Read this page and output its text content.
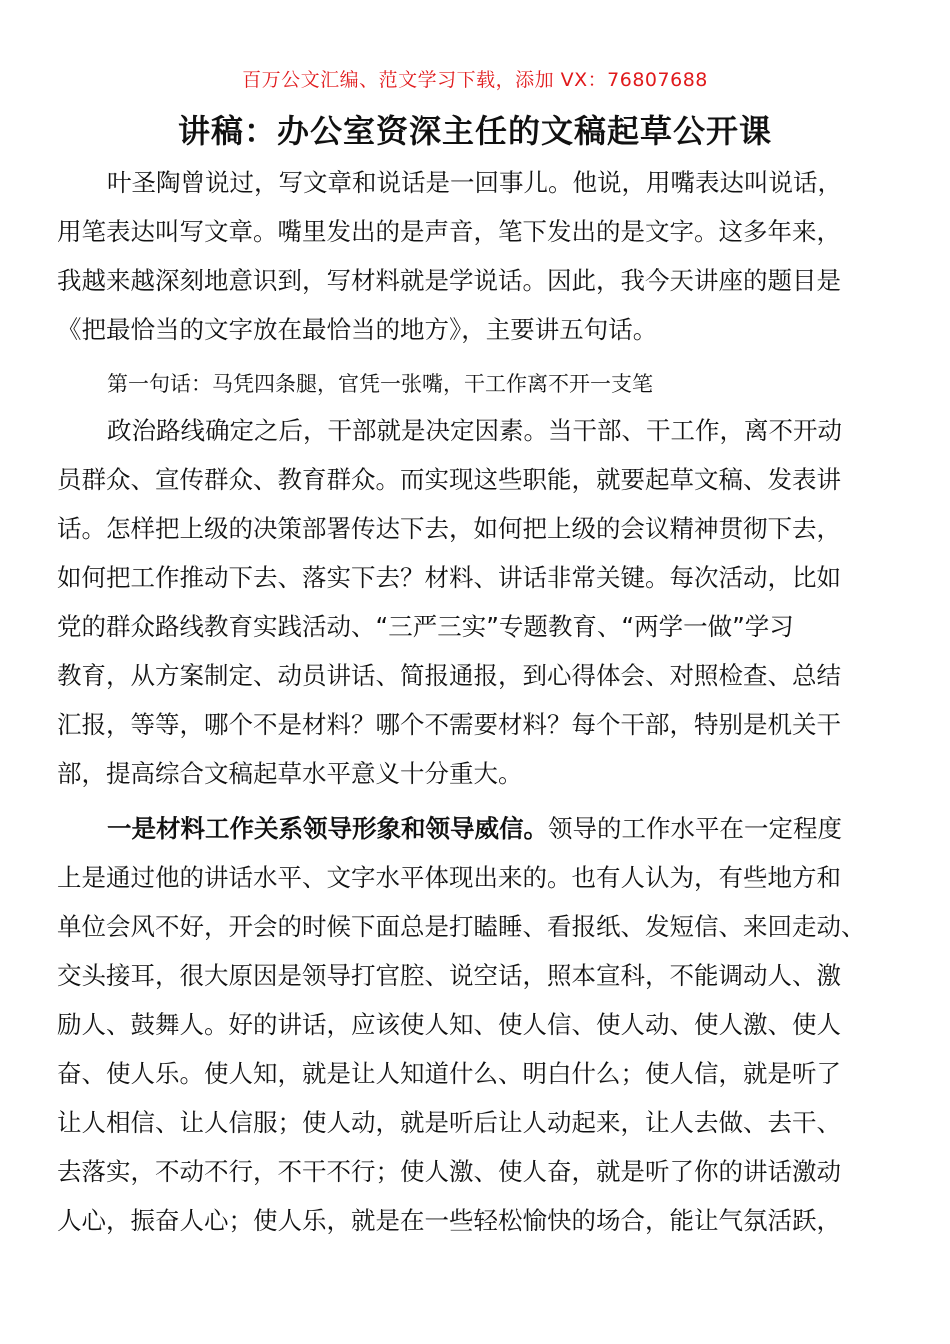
百万公文汇编、范文学习下载，添加 VX：76807688
讲稿：办公室资深主任的文稿起草公开课
叶圣陶曾说过，写文章和说话是一回事儿。他说，用嘴表达叫说话，
用笔表达叫写文章。嘴里发出的是声音，笔下发出的是文字。这多年来，
我越来越深刻地意识到，写材料就是学说话。因此，我今天讲座的题目是
《把最恰当的文字放在最恰当的地方》，主要讲五句话。
第一句话：马凭四条腿，官凭一张嘴，干工作离不开一支笔
政治路线确定之后，干部就是决定因素。当干部、干工作，离不开动
员群众、宣传群众、教育群众。而实现这些职能，就要起草文稿、发表讲
话。怎样把上级的决策部署传达下去，如何把上级的会议精神贯彻下去，
如何把工作推动下去、落实下去？材料、讲话非常关键。每次活动，比如
党的群众路线教育实践活动、“三严三实”专题教育、“两学一做”学习
教育，从方案制定、动员讲话、简报通报，到心得体会、对照检查、总结
汇报，等等，哪个不是材料？哪个不需要材料？每个干部，特别是机关干
部，提高综合文稿起草水平意义十分重大。
一是材料工作关系领导形象和领导威信。领导的工作水平在一定程度
上是通过他的讲话水平、文字水平体现出来的。也有人认为，有些地方和
单位会风不好，开会的时候下面总是打瞌睡、看报纸、发短信、来回走动、
交头接耳，很大原因是领导打官腔、说空话，照本宣科，不能调动人、激
励人、鼓舞人。好的讲话，应该使人知、使人信、使人动、使人激、使人
奋、使人乐。使人知，就是让人知道什么、明白什么；使人信，就是听了
让人相信、让人信服；使人动，就是听后让人动起来，让人去做、去干、
去落实，不动不行，不干不行；使人激、使人奋，就是听了你的讲话激动
人心，振奋人心；使人乐，就是在一些轻松愉快的场合，能让气氛活跃，
